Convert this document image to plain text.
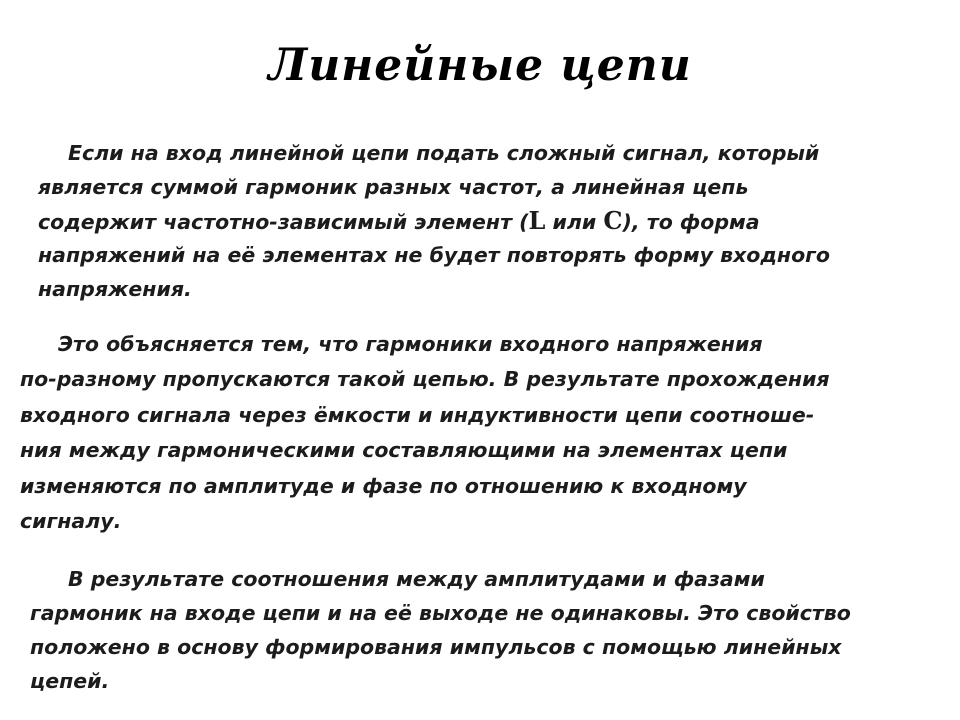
Линейные цепи
Если на вход линейной цепи подать сложный сигнал, который
является суммой гармоник разных частот, а линейная цепь
содержит частотно-зависимый элемент (L или C), то форма
напряжений на её элементах не будет повторять форму входного
напряжения.
Это объясняется тем, что гармоники входного напряжения
по-разному пропускаются такой цепью. В результате прохождения
входного сигнала через ёмкости и индуктивности цепи соотноше-
ния между гармоническими составляющими на элементах цепи
изменяются по амплитуде и фазе по отношению к входному
сигналу.
В результате соотношения между амплитудами и фазами
гармоник на входе цепи и на её выходе не одинаковы. Это свойство
положено в основу формирования импульсов с помощью линейных
цепей.
